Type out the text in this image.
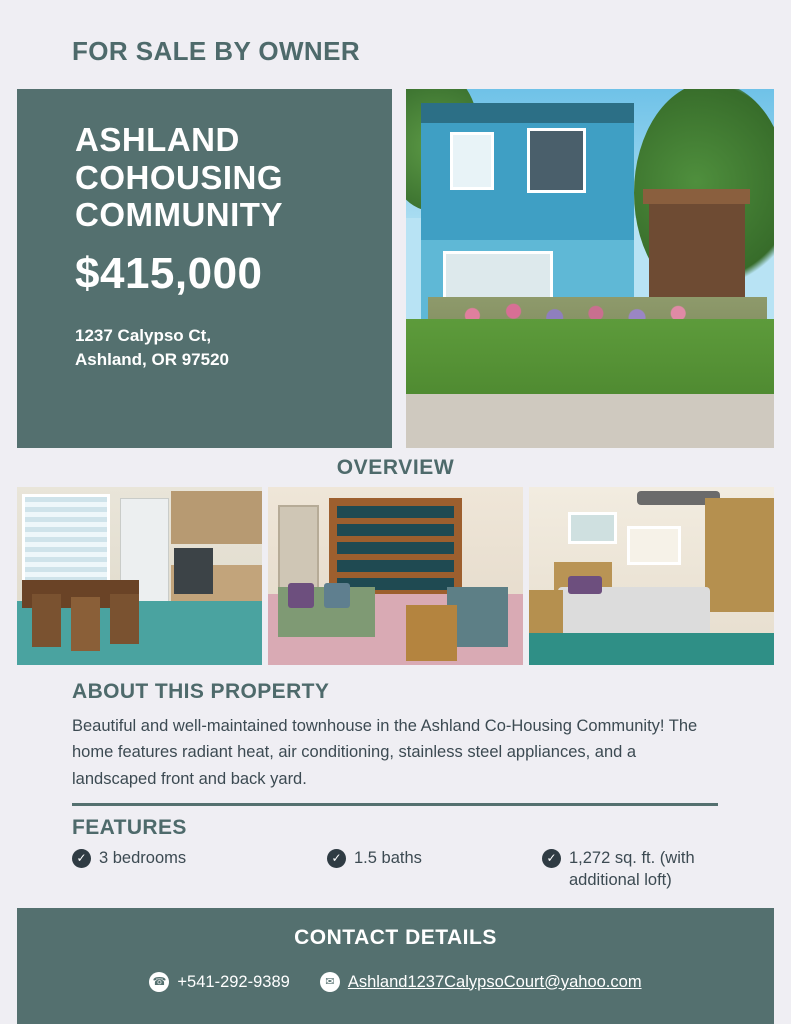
FOR SALE BY OWNER
ASHLAND COHOUSING COMMUNITY
$415,000
1237 Calypso Ct,
Ashland, OR 97520
OVERVIEW
ABOUT THIS PROPERTY
Beautiful and well-maintained townhouse in the Ashland Co-Housing Community! The home features radiant heat, air conditioning, stainless steel appliances, and a landscaped front and back yard.
FEATURES
✓ 3 bedrooms	✓ 1.5 baths	✓ 1,272 sq. ft. (with additional loft)
CONTACT DETAILS
☎ +541-292-9389	✉ Ashland1237CalypsoCourt@yahoo.com
